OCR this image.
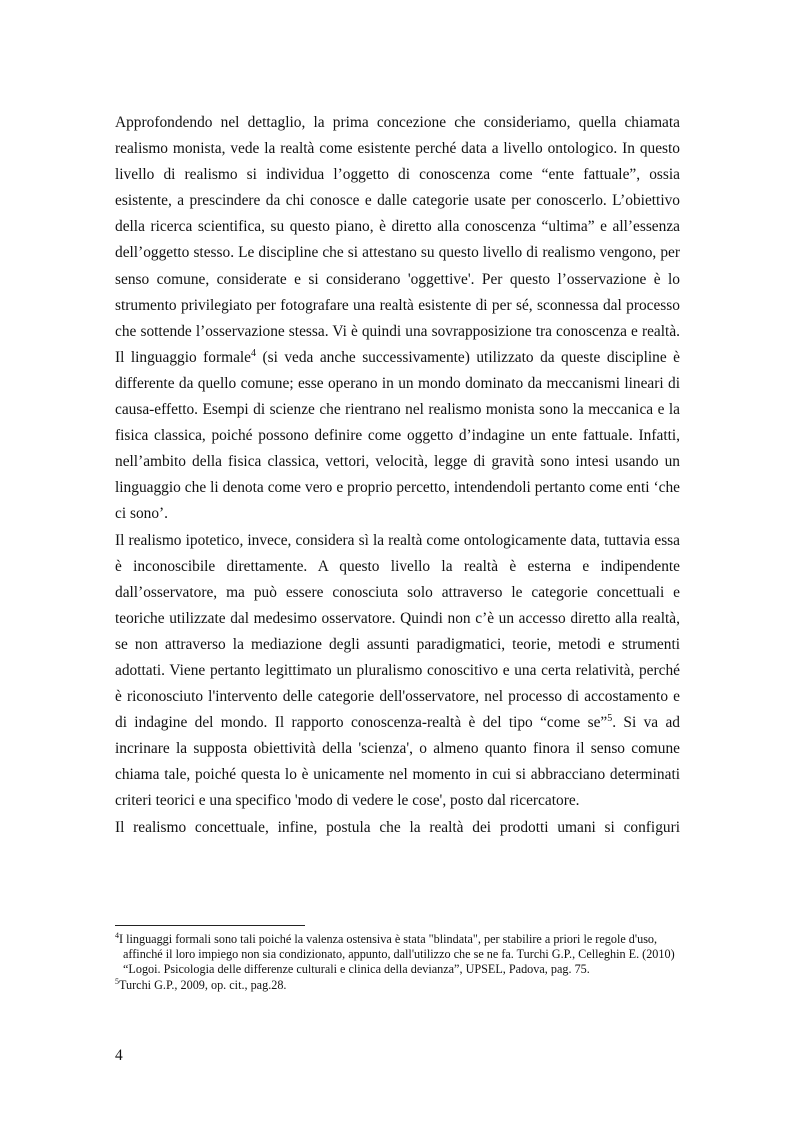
Approfondendo nel dettaglio, la prima concezione che consideriamo, quella chiamata realismo monista, vede la realtà come esistente perché data a livello ontologico. In questo livello di realismo si individua l’oggetto di conoscenza come “ente fattuale”, ossia esistente, a prescindere da chi conosce e dalle categorie usate per conoscerlo. L’obiettivo della ricerca scientifica, su questo piano, è diretto alla conoscenza “ultima” e all’essenza dell’oggetto stesso. Le discipline che si attestano su questo livello di realismo vengono, per senso comune, considerate e si considerano 'oggettive'. Per questo l’osservazione è lo strumento privilegiato per fotografare una realtà esistente di per sé, sconnessa dal processo che sottende l’osservazione stessa. Vi è quindi una sovrapposizione tra conoscenza e realtà. Il linguaggio formale$^4$ (si veda anche successivamente) utilizzato da queste discipline è differente da quello comune; esse operano in un mondo dominato da meccanismi lineari di causa-effetto. Esempi di scienze che rientrano nel realismo monista sono la meccanica e la fisica classica, poiché possono definire come oggetto d’indagine un ente fattuale. Infatti, nell’ambito della fisica classica, vettori, velocità, legge di gravità sono intesi usando un linguaggio che li denota come vero e proprio percetto, intendendoli pertanto come enti ‘che ci sono’.

Il realismo ipotetico, invece, considera sì la realtà come ontologicamente data, tuttavia essa è inconoscibile direttamente. A questo livello la realtà è esterna e indipendente dall’osservatore, ma può essere conosciuta solo attraverso le categorie concettuali e teoriche utilizzate dal medesimo osservatore. Quindi non c’è un accesso diretto alla realtà, se non attraverso la mediazione degli assunti paradigmatici, teorie, metodi e strumenti adottati. Viene pertanto legittimato un pluralismo conoscitivo e una certa relatività, perché è riconosciuto l'intervento delle categorie dell'osservatore, nel processo di accostamento e di indagine del mondo. Il rapporto conoscenza-realtà è del tipo “come se”$^5$. Si va ad incrinare la supposta obiettività della 'scienza', o almeno quanto finora il senso comune chiama tale, poiché questa lo è unicamente nel momento in cui si abbracciano determinati criteri teorici e una specifico 'modo di vedere le cose', posto dal ricercatore.

Il realismo concettuale, infine, postula che la realtà dei prodotti umani si configuri

$^4$I linguaggi formali sono tali poiché la valenza ostensiva è stata "blindata", per stabilire a priori le regole d'uso, affinché il loro impiego non sia condizionato, appunto, dall'utilizzo che se ne fa. Turchi G.P., Celleghin E. (2010) “Logoi. Psicologia delle differenze culturali e clinica della devianza”, UPSEL, Padova, pag. 75.

$^5$Turchi G.P., 2009, op. cit., pag.28.

4
